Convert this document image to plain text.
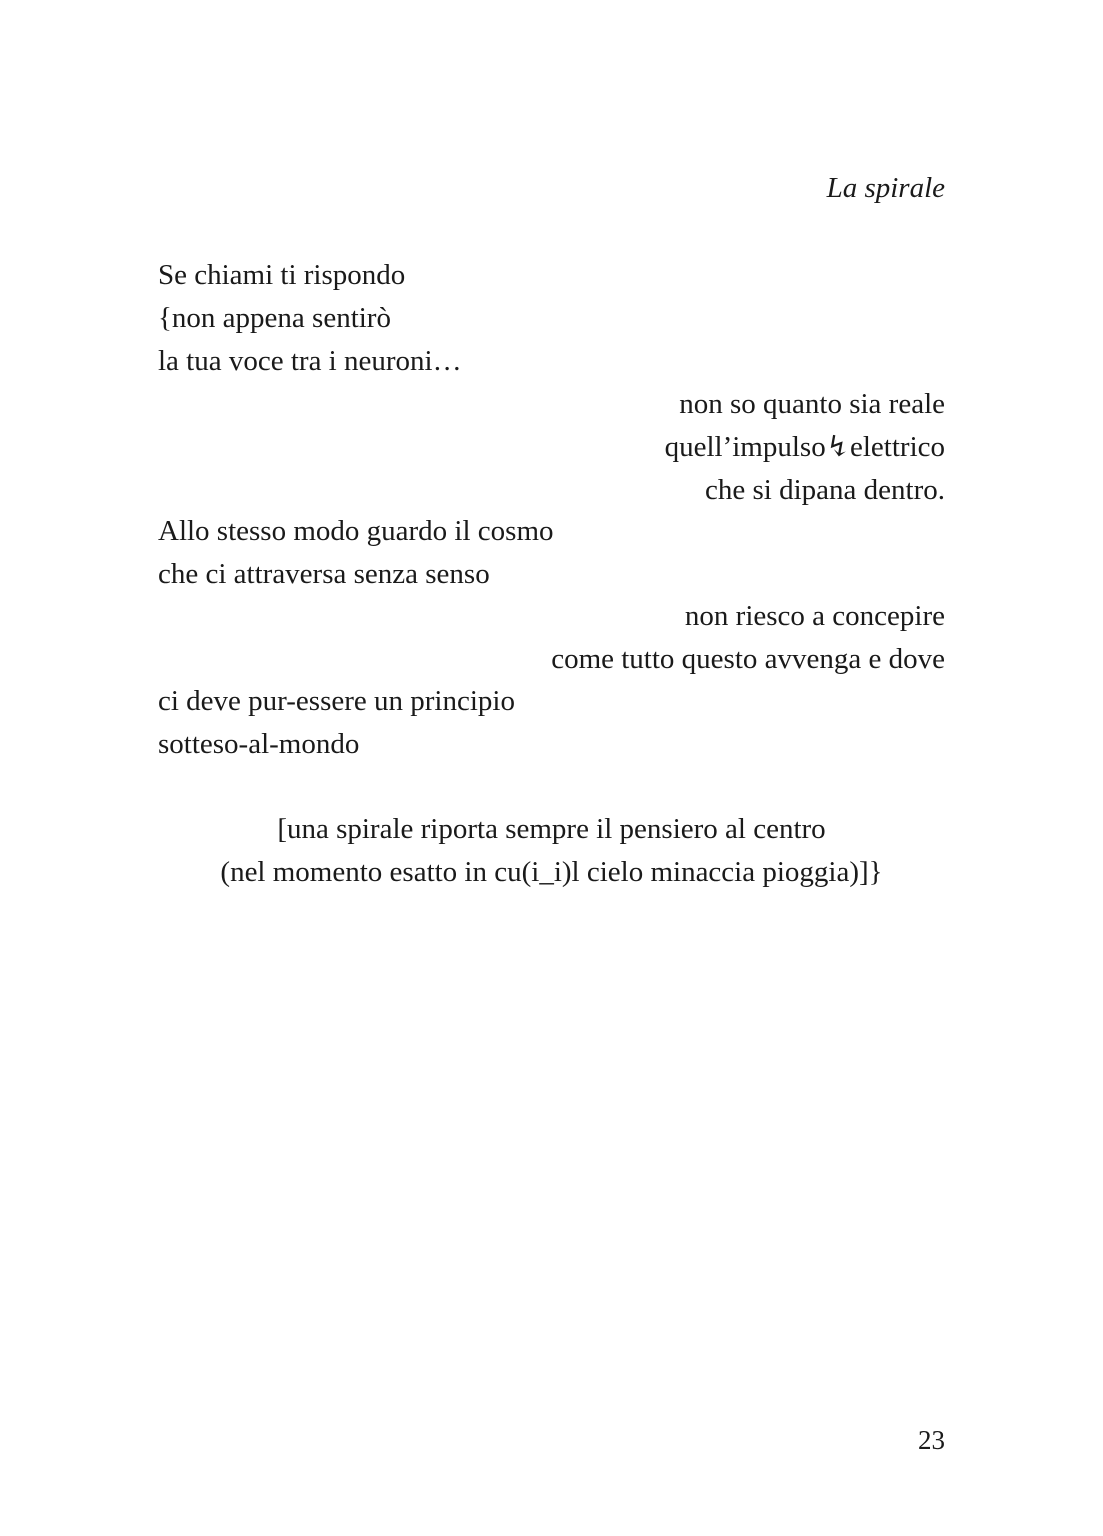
La spirale
Se chiami ti rispondo
{non appena sentirò
la tua voce tra i neuroni…
non so quanto sia reale
quell’impulso↯elettrico
che si dipana dentro.
Allo stesso modo guardo il cosmo
che ci attraversa senza senso
non riesco a concepire
come tutto questo avvenga e dove
ci deve pur-essere un principio
sotteso-al-mondo
[una spirale riporta sempre il pensiero al centro
(nel momento esatto in cu(i_i)l cielo minaccia pioggia)]}
23
